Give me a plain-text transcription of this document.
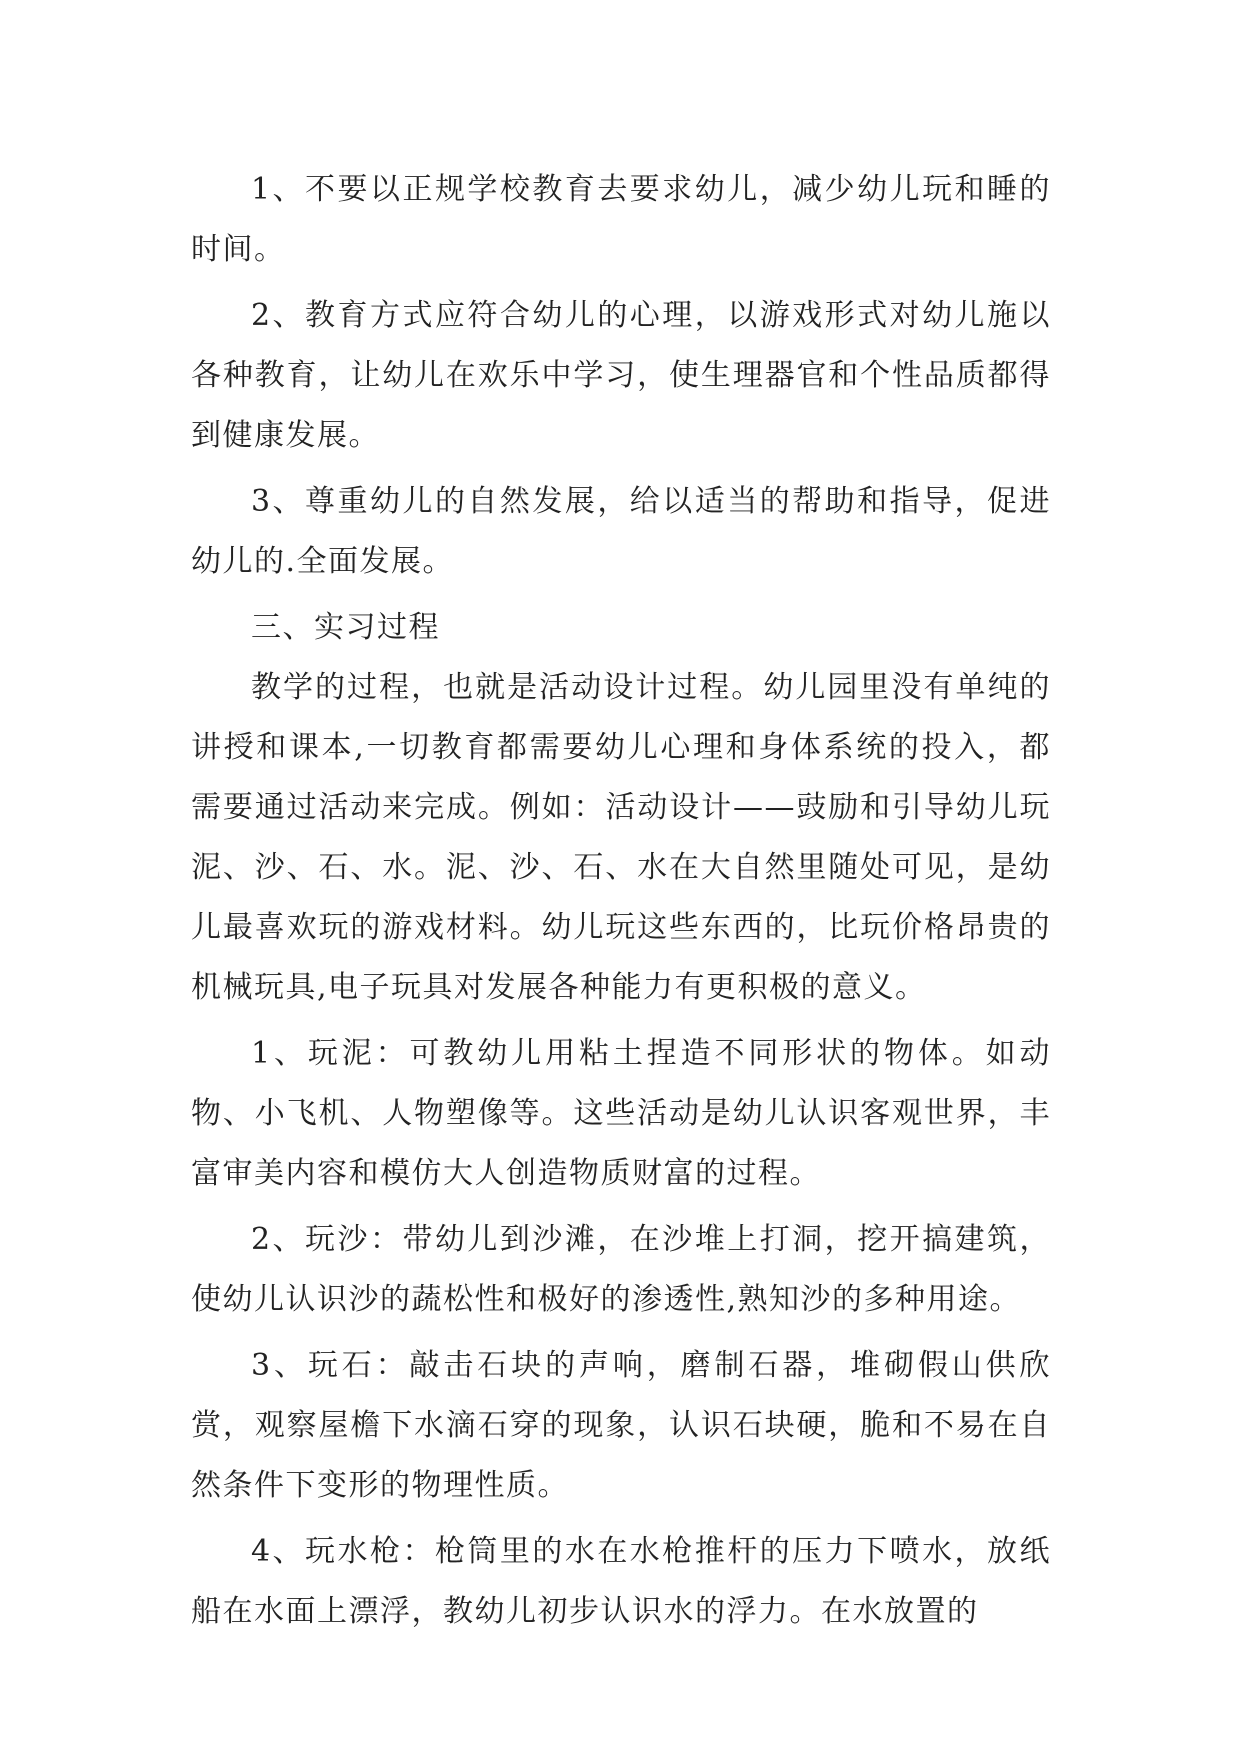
1、不要以正规学校教育去要求幼儿，减少幼儿玩和睡的时间。

2、教育方式应符合幼儿的心理，以游戏形式对幼儿施以各种教育，让幼儿在欢乐中学习，使生理器官和个性品质都得到健康发展。

3、尊重幼儿的自然发展，给以适当的帮助和指导，促进幼儿的.全面发展。

三、实习过程

教学的过程，也就是活动设计过程。幼儿园里没有单纯的讲授和课本,一切教育都需要幼儿心理和身体系统的投入，都需要通过活动来完成。例如：活动设计——豉励和引导幼儿玩泥、沙、石、水。泥、沙、石、水在大自然里随处可见，是幼儿最喜欢玩的游戏材料。幼儿玩这些东西的，比玩价格昂贵的机械玩具,电子玩具对发展各种能力有更积极的意义。

1、玩泥：可教幼儿用粘土捏造不同形状的物体。如动物、小飞机、人物塑像等。这些活动是幼儿认识客观世界，丰富审美内容和模仿大人创造物质财富的过程。

2、玩沙：带幼儿到沙滩，在沙堆上打洞，挖开搞建筑，使幼儿认识沙的蔬松性和极好的渗透性,熟知沙的多种用途。

3、玩石：敲击石块的声响，磨制石器，堆砌假山供欣赏，观察屋檐下水滴石穿的现象，认识石块硬，脆和不易在自然条件下变形的物理性质。

4、玩水枪：枪筒里的水在水枪推杆的压力下喷水，放纸船在水面上漂浮，教幼儿初步认识水的浮力。在水放置的
